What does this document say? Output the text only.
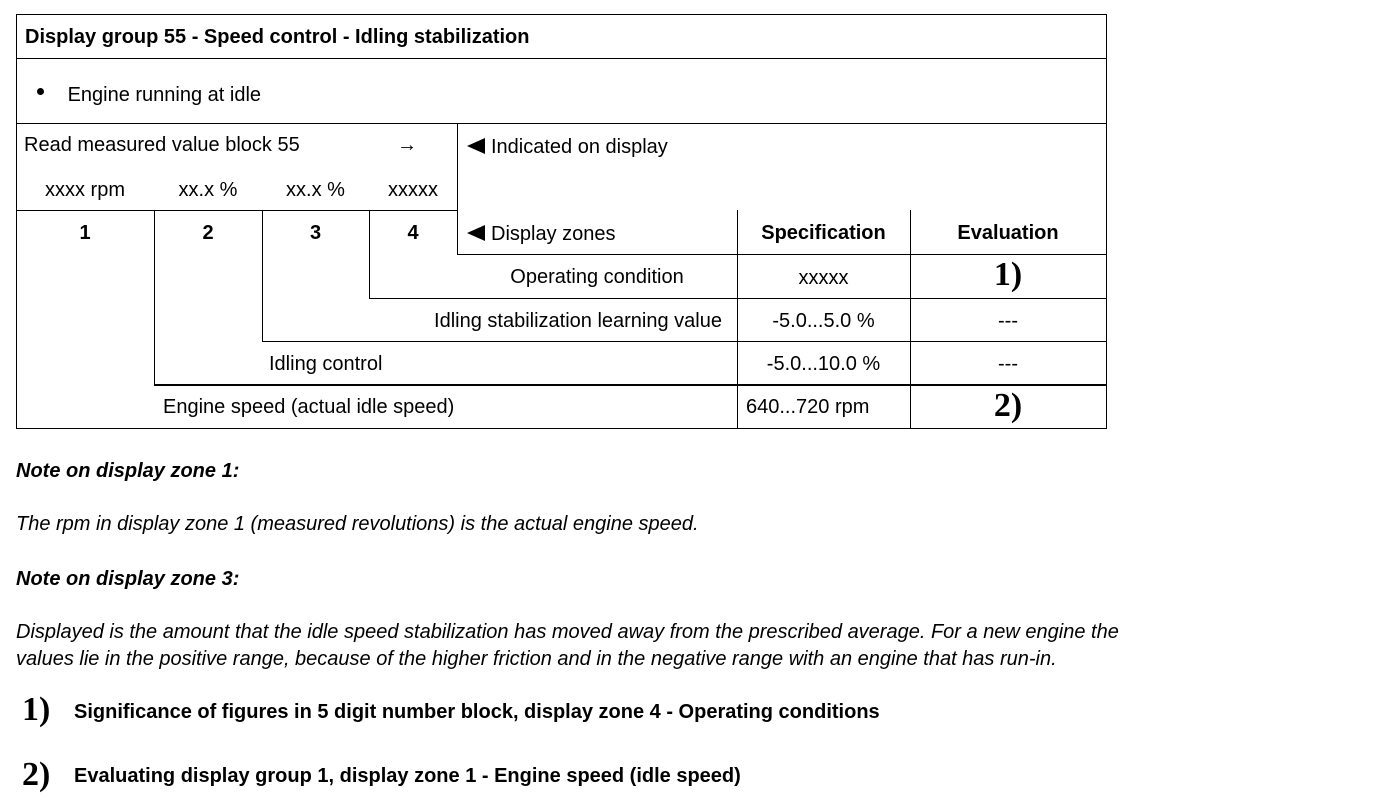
Display group 55 - Speed control - Idling stabilization
Engine running at idle
Read measured value block 55	→	Indicated on display
xxxx rpm	xx.x %	xx.x %	xxxxx
1	2	3	4	Display zones	Specification	Evaluation
Operating condition	xxxxx	1)
Idling stabilization learning value	-5.0...5.0 %	---
Idling control	-5.0...10.0 %	---
Engine speed (actual idle speed)	640...720 rpm	2)
Note on display zone 1:
The rpm in display zone 1 (measured revolutions) is the actual engine speed.
Note on display zone 3:
Displayed is the amount that the idle speed stabilization has moved away from the prescribed average. For a new engine the
values lie in the positive range, because of the higher friction and in the negative range with an engine that has run-in.
1) Significance of figures in 5 digit number block, display zone 4 - Operating conditions
2) Evaluating display group 1, display zone 1 - Engine speed (idle speed)
